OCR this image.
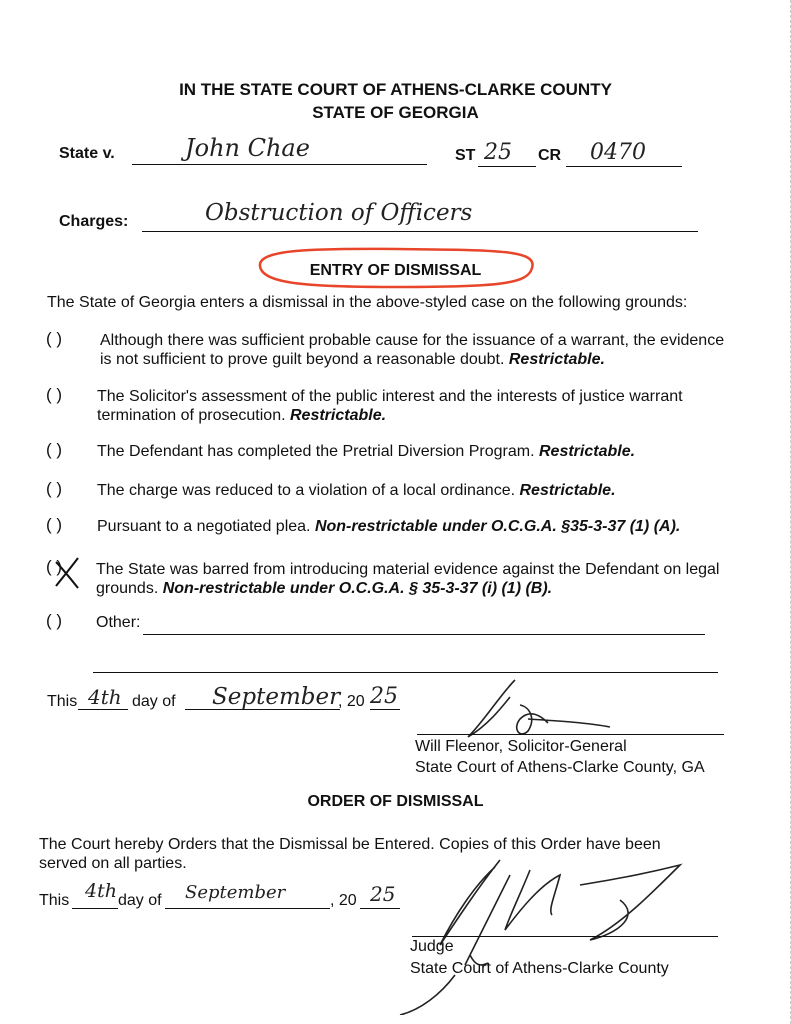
IN THE STATE COURT OF ATHENS-CLARKE COUNTY
STATE OF GEORGIA
State v.	John Chae	ST 25 CR 0470
Charges:	Obstruction of Officers
ENTRY OF DISMISSAL
The State of Georgia enters a dismissal in the above-styled case on the following grounds:
( ) Although there was sufficient probable cause for the issuance of a warrant, the evidence is not sufficient to prove guilt beyond a reasonable doubt. Restrictable.
( ) The Solicitor's assessment of the public interest and the interests of justice warrant termination of prosecution. Restrictable.
( ) The Defendant has completed the Pretrial Diversion Program. Restrictable.
( ) The charge was reduced to a violation of a local ordinance. Restrictable.
( ) Pursuant to a negotiated plea. Non-restrictable under O.C.G.A. §35-3-37 (1) (A).
( ) The State was barred from introducing material evidence against the Defendant on legal grounds. Non-restrictable under O.C.G.A. § 35-3-37 (i) (1) (B).
( ) Other:
This 4th day of September
, 20 25
Will Fleenor, Solicitor-General
State Court of Athens-Clarke County, GA
ORDER OF DISMISSAL
The Court hereby Orders that the Dismissal be Entered. Copies of this Order have been
served on all parties.
This 4th day of September	, 20 25
Judge
State Court of Athens-Clarke County
